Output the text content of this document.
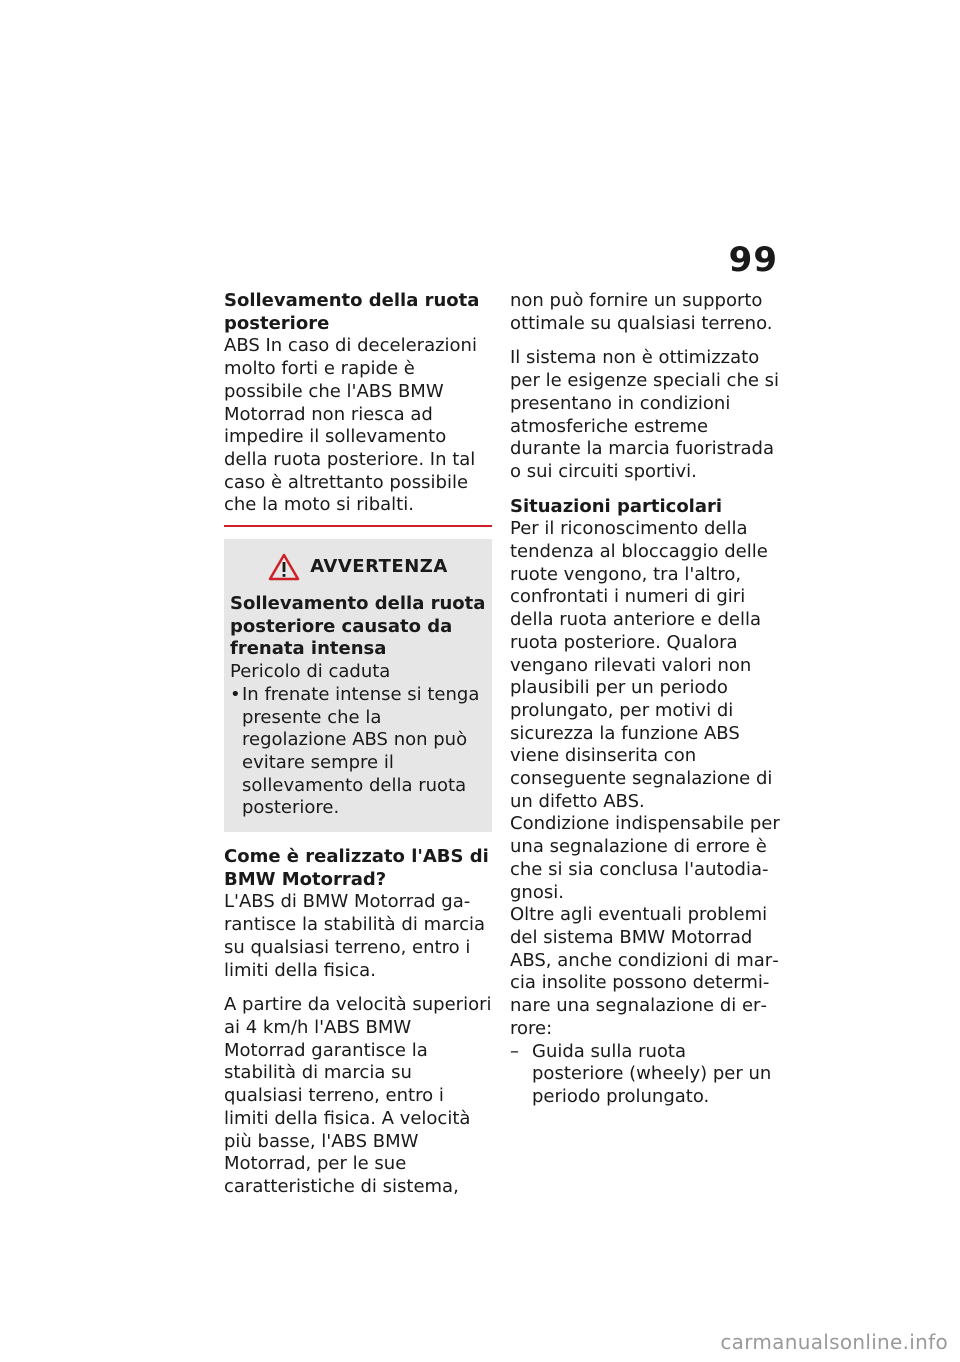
99

Sollevamento della ruota posteriore

ABS In caso di decelerazioni molto forti e rapide è possibile che l'ABS BMW Motorrad non riesca ad impedire il sollevamento della ruota posteriore. In tal caso è altrettanto possibile che la moto si ribalti.

AVVERTENZA

Sollevamento della ruota posteriore causato da frenata intensa

Pericolo di caduta

• In frenate intense si tenga presente che la regolazione ABS non può evitare sempre il sollevamento della ruota posteriore.

Come è realizzato l'ABS di BMW Motorrad?

L'ABS di BMW Motorrad garantisce la stabilità di marcia su qualsiasi terreno, entro i limiti della fisica.

A partire da velocità superiori ai 4 km/h l'ABS BMW Motorrad garantisce la stabilità di marcia su qualsiasi terreno, entro i limiti della fisica. A velocità più basse, l'ABS BMW Motorrad, per le sue caratteristiche di sistema,

non può fornire un supporto ottimale su qualsiasi terreno.

Il sistema non è ottimizzato per le esigenze speciali che si presentano in condizioni atmosferiche estreme durante la marcia fuoristrada o sui circuiti sportivi.

Situazioni particolari

Per il riconoscimento della tendenza al bloccaggio delle ruote vengono, tra l'altro, confrontati i numeri di giri della ruota anteriore e della ruota posteriore. Qualora vengano rilevati valori non plausibili per un periodo prolungato, per motivi di sicurezza la funzione ABS viene disinserita con conseguente segnalazione di un difetto ABS.

Condizione indispensabile per una segnalazione di errore è che si sia conclusa l'autodiagnosi.

Oltre agli eventuali problemi del sistema BMW Motorrad ABS, anche condizioni di marcia insolite possono determinare una segnalazione di errore:

– Guida sulla ruota posteriore (wheely) per un periodo prolungato.
carmanualsonline.info
